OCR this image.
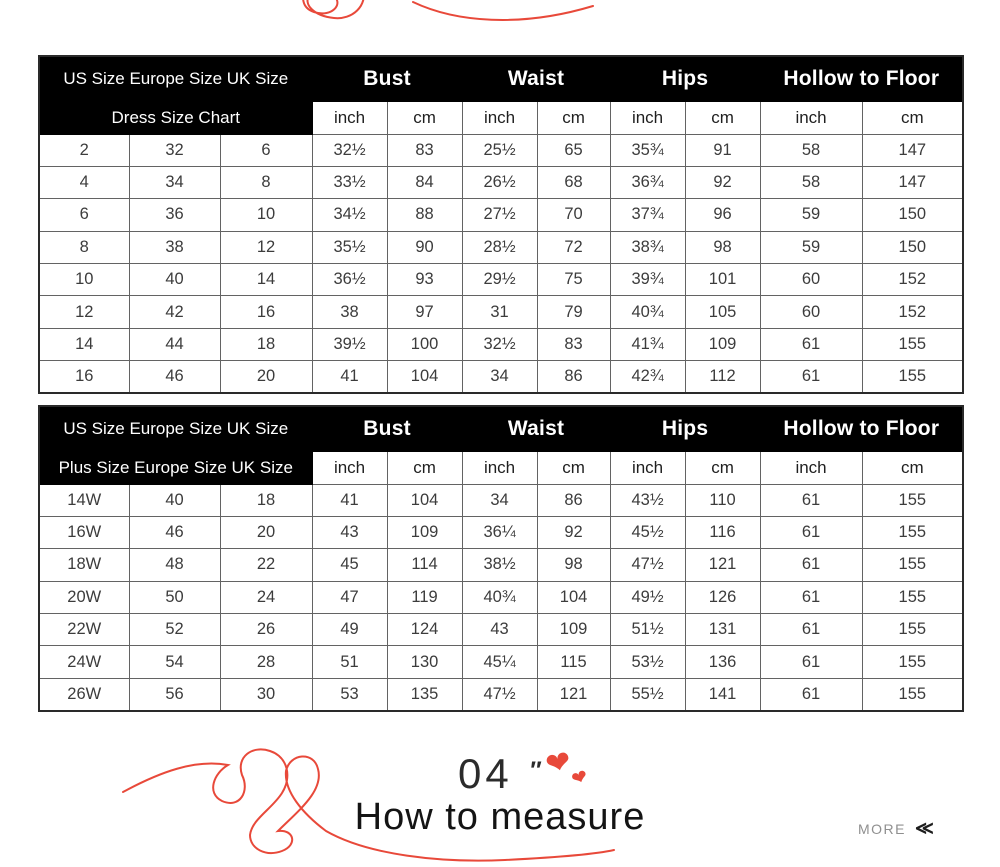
US Size Europe Size UK Size			Bust		Waist		Hips		Hollow to Floor	
Dress Size Chart			inch	cm	inch	cm	inch	cm	inch	cm
2	32	6	32½	83	25½	65	35¾	91	58	147
4	34	8	33½	84	26½	68	36¾	92	58	147
6	36	10	34½	88	27½	70	37¾	96	59	150
8	38	12	35½	90	28½	72	38¾	98	59	150
10	40	14	36½	93	29½	75	39¾	101	60	152
12	42	16	38	97	31	79	40¾	105	60	152
14	44	18	39½	100	32½	83	41¾	109	61	155
16	46	20	41	104	34	86	42¾	112	61	155
US Size Europe Size UK Size			Bust		Waist		Hips		Hollow to Floor	
Plus Size Europe Size UK Size			inch	cm	inch	cm	inch	cm	inch	cm
14W	40	18	41	104	34	86	43½	110	61	155
16W	46	20	43	109	36¼	92	45½	116	61	155
18W	48	22	45	114	38½	98	47½	121	61	155
20W	50	24	47	119	40¾	104	49½	126	61	155
22W	52	26	49	124	43	109	51½	131	61	155
24W	54	28	51	130	45¼	115	53½	136	61	155
26W	56	30	53	135	47½	121	55½	141	61	155
04 ″ ❤
❤
How to measure	MORE ≪
